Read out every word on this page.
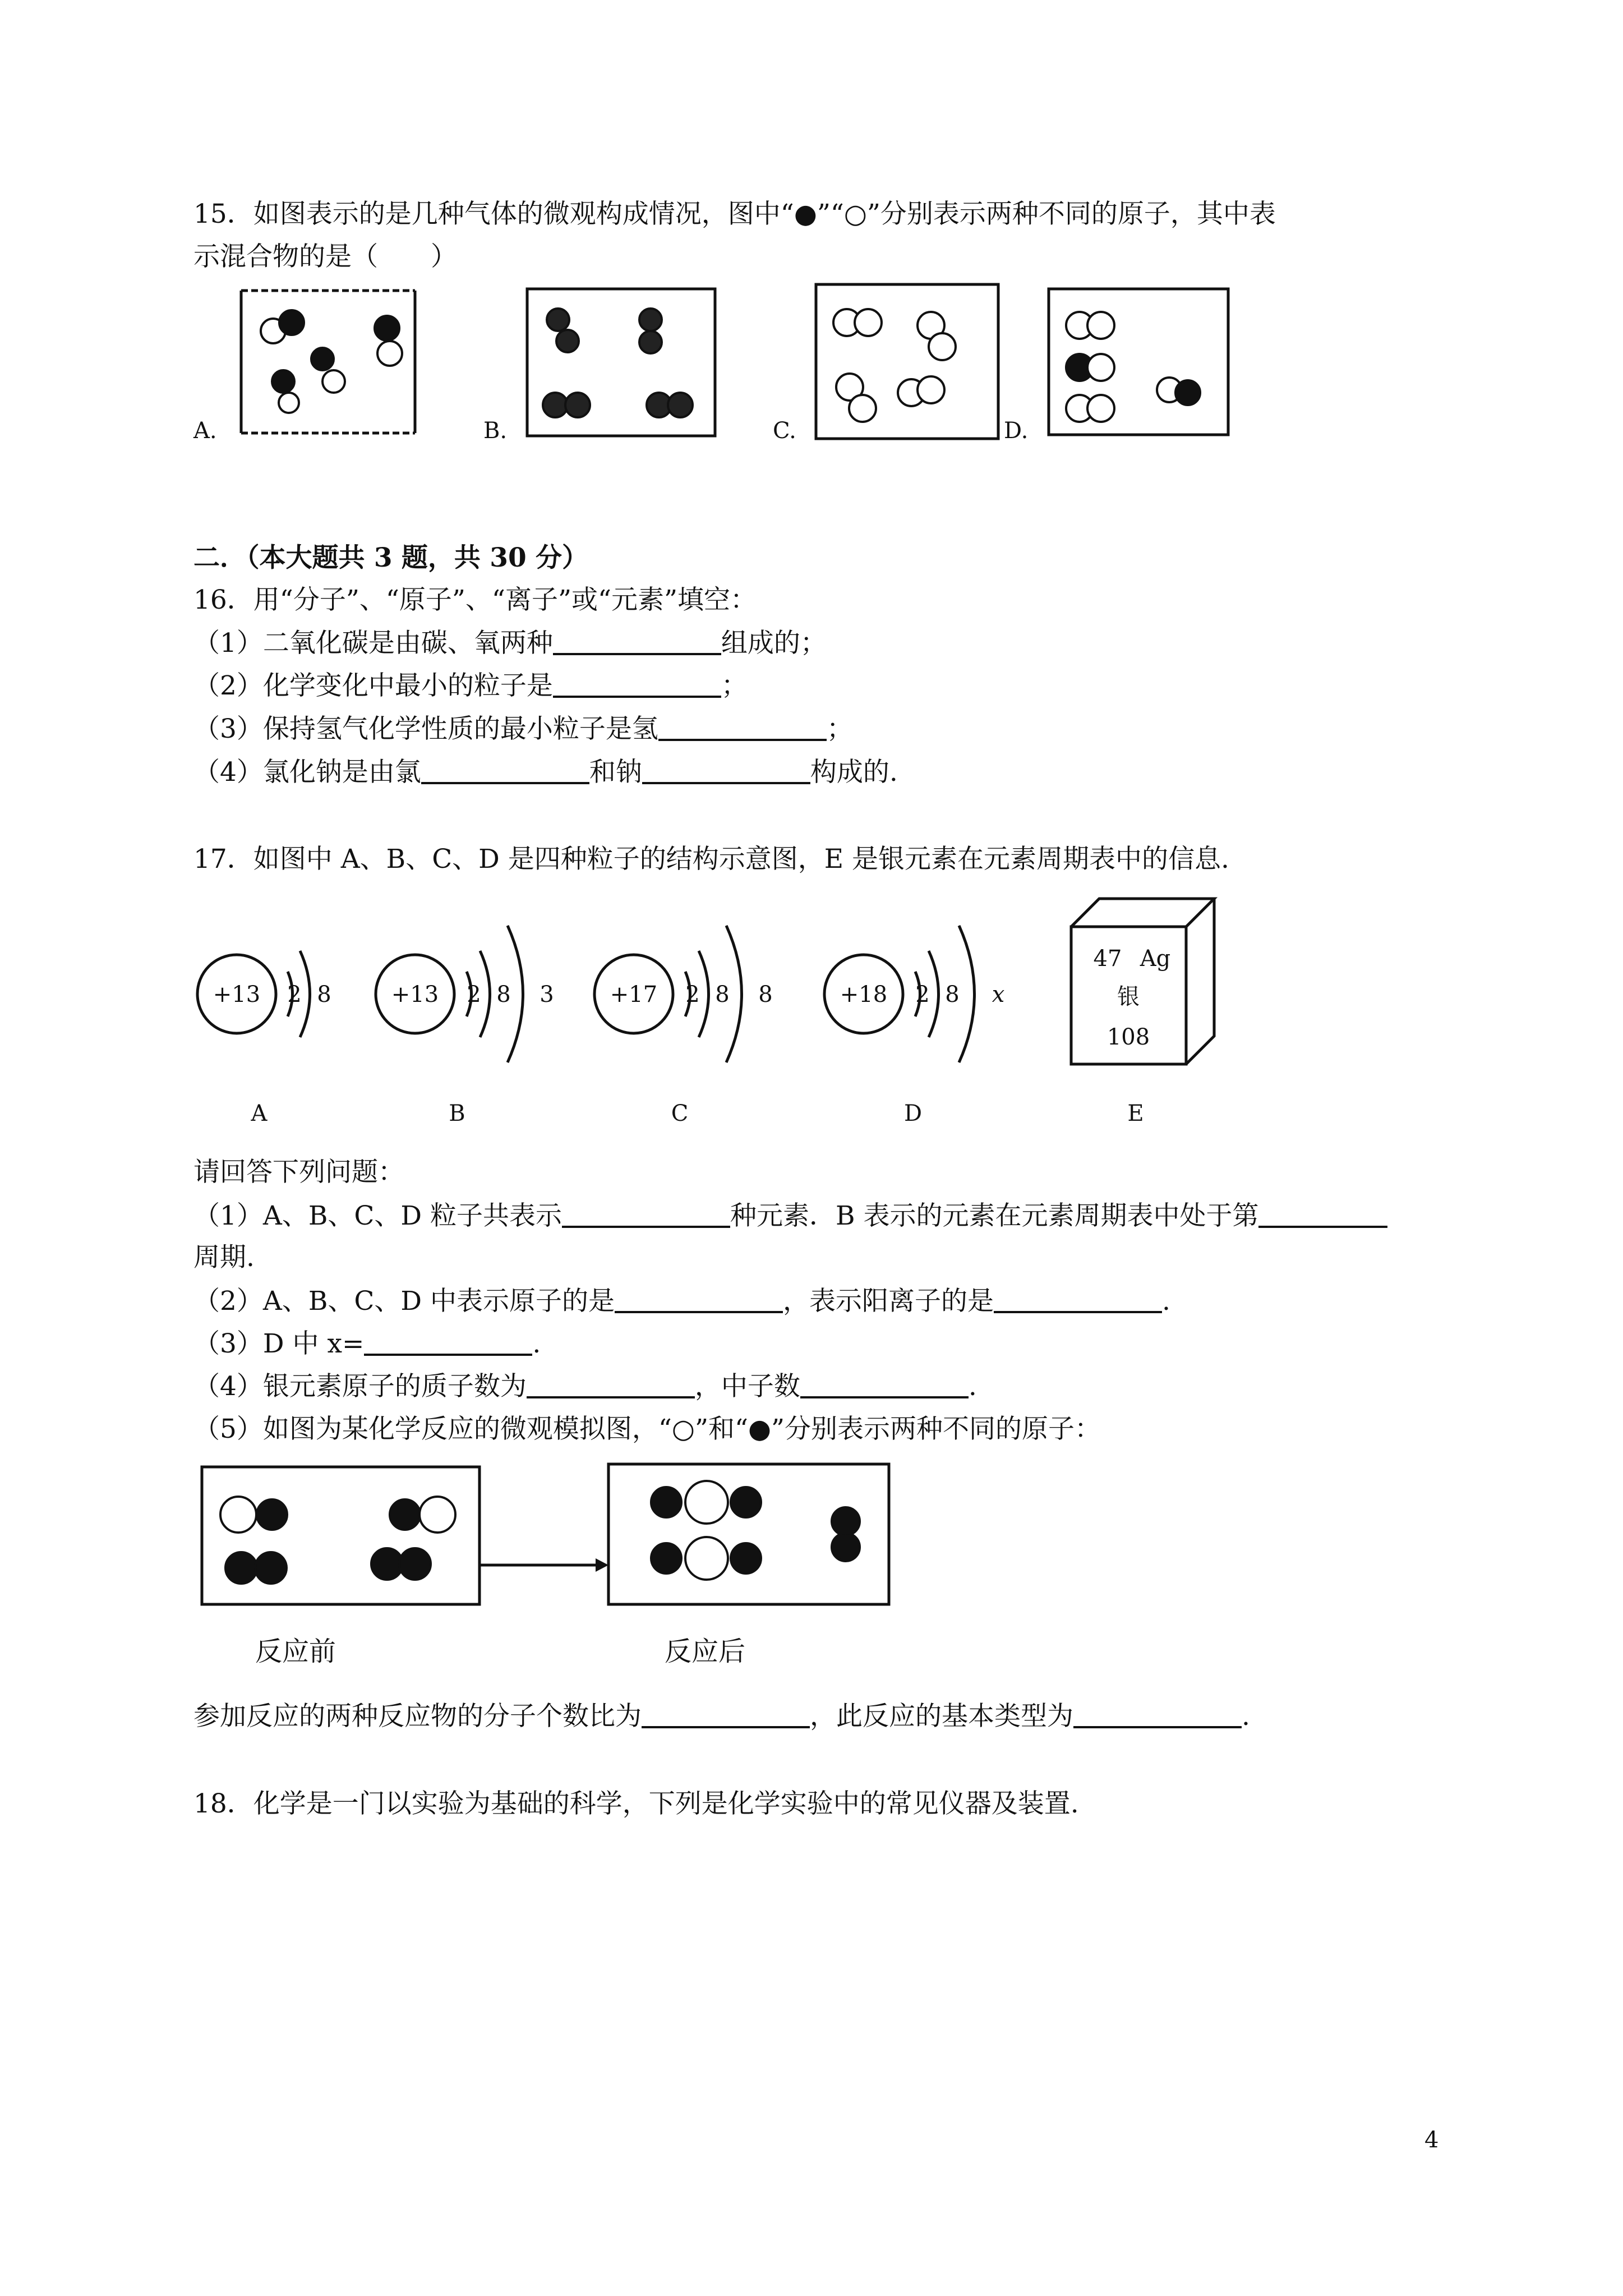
15．如图表示的是几种气体的微观构成情况，图中“●”“○”分别表示两种不同的原子，其中表
示混合物的是（　　）
A.	B.	C.	D.
二．（本大题共 3 题，共 30 分）
16．用“分子”、“原子”、“离子”或“元素”填空：
（1）二氧化碳是由碳、氧两种	组成的；
（2）化学变化中最小的粒子是	；
（3）保持氢气化学性质的最小粒子是氢	；
（4）氯化钠是由氯	和钠	构成的.
17．如图中 A、B、C、D 是四种粒子的结构示意图，E 是银元素在元素周期表中的信息.
+13 2 8	+13 2 8 3	+17 2 8 8	+18 2 8 x
47 Ag
银
108
A	B	C	D	E
请回答下列问题：
（1）A、B、C、D 粒子共表示	种元素．B 表示的元素在元素周期表中处于第
周期.
（2）A、B、C、D 中表示原子的是	，表示阳离子的是	.
（3）D 中 x=	.
（4）银元素原子的质子数为	，中子数	.
（5）如图为某化学反应的微观模拟图，“○”和“●”分别表示两种不同的原子：
反应前	反应后
参加反应的两种反应物的分子个数比为	，此反应的基本类型为	.
18．化学是一门以实验为基础的科学，下列是化学实验中的常见仪器及装置.
4
